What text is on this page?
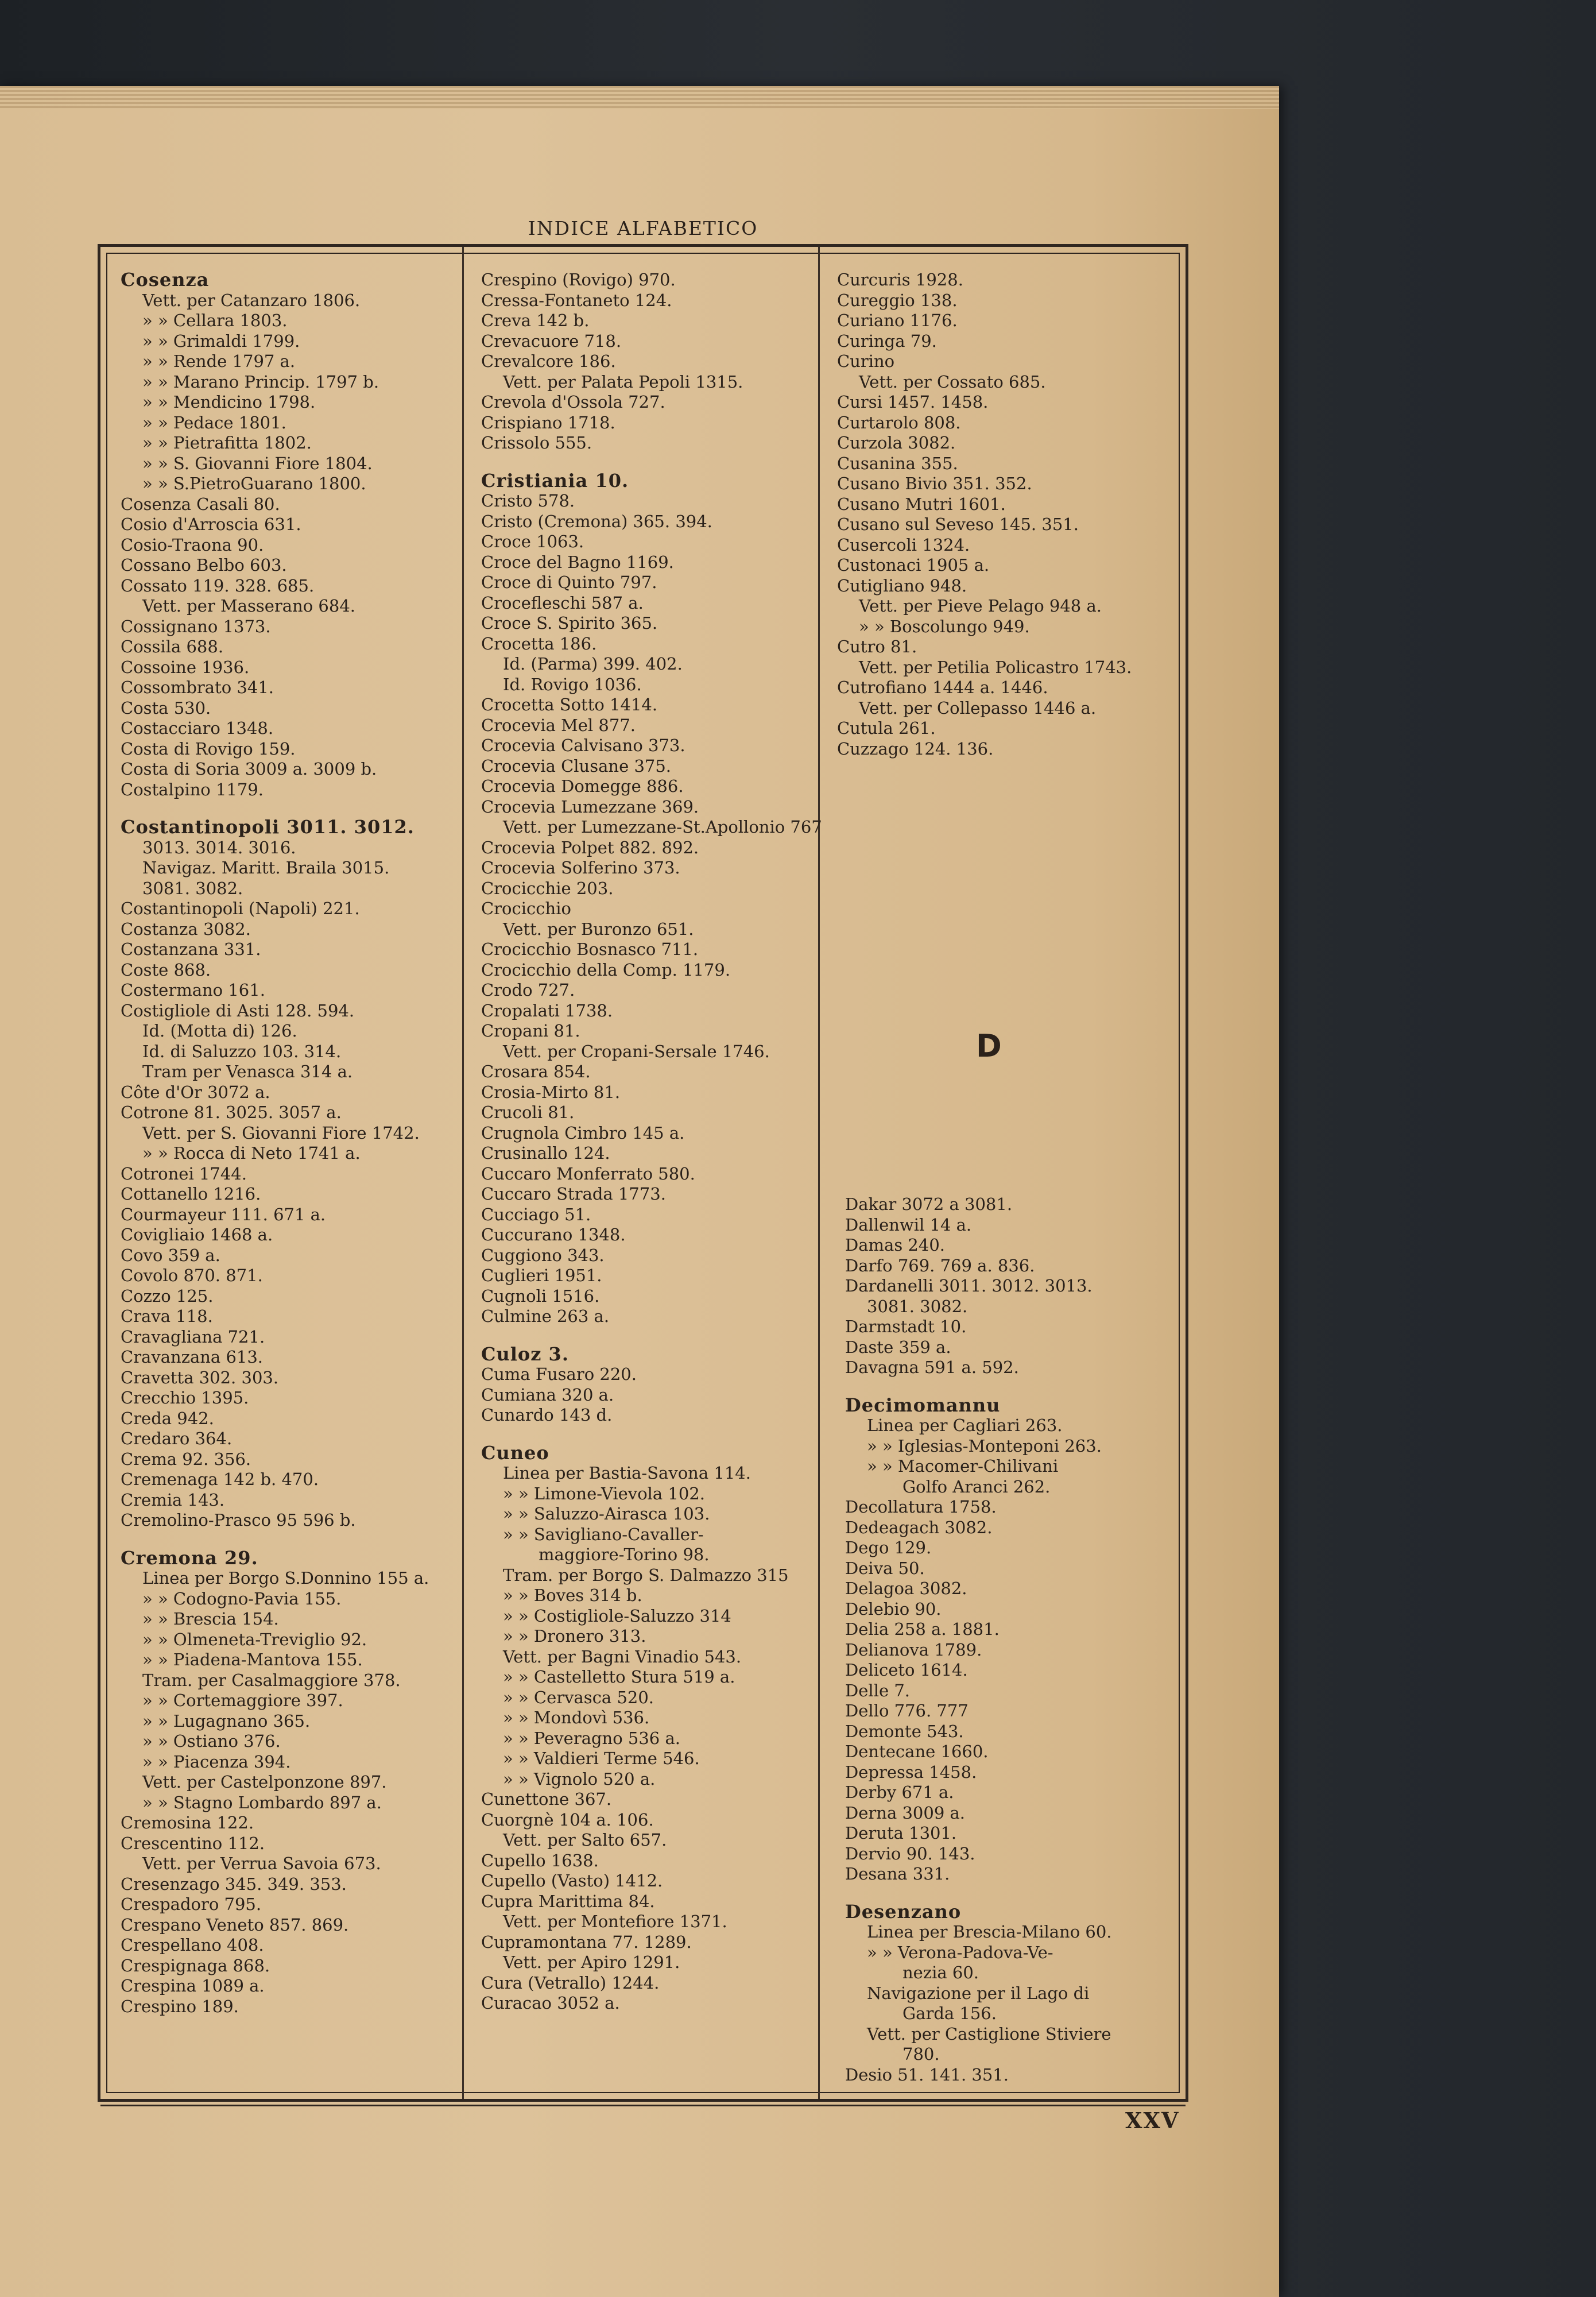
INDICE ALFABETICO
Cosenza
Vett. per Catanzaro 1806.
» » Cellara 1803.
» » Grimaldi 1799.
» » Rende 1797 a.
» » Marano Princip. 1797 b.
» » Mendicino 1798.
» » Pedace 1801.
» » Pietrafitta 1802.
» » S. Giovanni Fiore 1804.
» » S.PietroGuarano 1800.
Cosenza Casali 80.
Cosio d'Arroscia 631.
Cosio-Traona 90.
Cossano Belbo 603.
Cossato 119. 328. 685.
Vett. per Masserano 684.
Cossignano 1373.
Cossila 688.
Cossoine 1936.
Cossombrato 341.
Costa 530.
Costacciaro 1348.
Costa di Rovigo 159.
Costa di Soria 3009 a. 3009 b.
Costalpino 1179.
Costantinopoli 3011. 3012.
3013. 3014. 3016.
Navigaz. Maritt. Braila 3015.
3081. 3082.
Costantinopoli (Napoli) 221.
Costanza 3082.
Costanzana 331.
Coste 868.
Costermano 161.
Costigliole di Asti 128. 594.
Id. (Motta di) 126.
Id. di Saluzzo 103. 314.
Tram per Venasca 314 a.
Côte d'Or 3072 a.
Cotrone 81. 3025. 3057 a.
Vett. per S. Giovanni Fiore 1742.
» » Rocca di Neto 1741 a.
Cotronei 1744.
Cottanello 1216.
Courmayeur 111. 671 a.
Covigliaio 1468 a.
Covo 359 a.
Covolo 870. 871.
Cozzo 125.
Crava 118.
Cravagliana 721.
Cravanzana 613.
Cravetta 302. 303.
Crecchio 1395.
Creda 942.
Credaro 364.
Crema 92. 356.
Cremenaga 142 b. 470.
Cremia 143.
Cremolino-Prasco 95 596 b.
Cremona 29.
Linea per Borgo S.Donnino 155 a.
» » Codogno-Pavia 155.
» » Brescia 154.
» » Olmeneta-Treviglio 92.
» » Piadena-Mantova 155.
Tram. per Casalmaggiore 378.
» » Cortemaggiore 397.
» » Lugagnano 365.
» » Ostiano 376.
» » Piacenza 394.
Vett. per Castelponzone 897.
» » Stagno Lombardo 897 a.
Cremosina 122.
Crescentino 112.
Vett. per Verrua Savoia 673.
Cresenzago 345. 349. 353.
Crespadoro 795.
Crespano Veneto 857. 869.
Crespellano 408.
Crespignaga 868.
Crespina 1089 a.
Crespino 189.
Crespino (Rovigo) 970.
Cressa-Fontaneto 124.
Creva 142 b.
Crevacuore 718.
Crevalcore 186.
Vett. per Palata Pepoli 1315.
Crevola d'Ossola 727.
Crispiano 1718.
Crissolo 555.
Cristiania 10.
Cristo 578.
Cristo (Cremona) 365. 394.
Croce 1063.
Croce del Bagno 1169.
Croce di Quinto 797.
Croceflеschi 587 a.
Croce S. Spirito 365.
Crocetta 186.
Id. (Parma) 399. 402.
Id. Rovigo 1036.
Crocetta Sotto 1414.
Crocevia Mel 877.
Crocevia Calvisano 373.
Crocevia Clusane 375.
Crocevia Domegge 886.
Crocevia Lumezzane 369.
Vett. per Lumezzane-St.Apollonio 767
Crocevia Polpet 882. 892.
Crocevia Solferino 373.
Crocicchie 203.
Crocicchio
Vett. per Buronzo 651.
Crocicchio Bosnasco 711.
Crocicchio della Comp. 1179.
Crodo 727.
Cropalati 1738.
Cropani 81.
Vett. per Cropani-Sersale 1746.
Crosara 854.
Crosia-Mirto 81.
Crucoli 81.
Crugnola Cimbro 145 a.
Crusinallo 124.
Cuccaro Monferrato 580.
Cuccaro Strada 1773.
Cucciago 51.
Cuccurano 1348.
Cuggiono 343.
Cuglieri 1951.
Cugnoli 1516.
Culmine 263 a.
Culoz 3.
Cuma Fusaro 220.
Cumiana 320 a.
Cunardo 143 d.
Cuneo
Linea per Bastia-Savona 114.
» » Limone-Vievola 102.
» » Saluzzo-Airasca 103.
» » Savigliano-Cavaller-
maggiore-Torino 98.
Tram. per Borgo S. Dalmazzo 315
» » Boves 314 b.
» » Costigliole-Saluzzo 314
» » Dronero 313.
Vett. per Bagni Vinadio 543.
» » Castelletto Stura 519 a.
» » Cervasca 520.
» » Mondovì 536.
» » Peveragno 536 a.
» » Valdieri Terme 546.
» » Vignolo 520 a.
Cunettone 367.
Cuorgnè 104 a. 106.
Vett. per Salto 657.
Cupello 1638.
Cupello (Vasto) 1412.
Cupra Marittima 84.
Vett. per Montefiore 1371.
Cupramontana 77. 1289.
Vett. per Apiro 1291.
Cura (Vetrallo) 1244.
Curacao 3052 a.
Curcuris 1928.
Cureggio 138.
Curiano 1176.
Curinga 79.
Curino
Vett. per Cossato 685.
Cursi 1457. 1458.
Curtarolo 808.
Curzola 3082.
Cusanina 355.
Cusano Bivio 351. 352.
Cusano Mutri 1601.
Cusano sul Seveso 145. 351.
Cusercoli 1324.
Custonaci 1905 a.
Cutigliano 948.
Vett. per Pieve Pelago 948 a.
» » Boscolungo 949.
Cutro 81.
Vett. per Petilia Policastro 1743.
Cutrofiano 1444 a. 1446.
Vett. per Collepasso 1446 a.
Cutula 261.
Cuzzago 124. 136.
D
Dakar 3072 a 3081.
Dallenwil 14 a.
Damas 240.
Darfo 769. 769 a. 836.
Dardanelli 3011. 3012. 3013.
3081. 3082.
Darmstadt 10.
Daste 359 a.
Davagna 591 a. 592.
Decimomannu
Linea per Cagliari 263.
» » Iglesias-Monteponi 263.
» » Macomer-Chilivani
Golfo Aranci 262.
Decollatura 1758.
Dedeagach 3082.
Dego 129.
Deiva 50.
Delagoa 3082.
Delebio 90.
Delia 258 a. 1881.
Delianova 1789.
Deliceto 1614.
Delle 7.
Dello 776. 777
Demonte 543.
Dentecane 1660.
Depressa 1458.
Derby 671 a.
Derna 3009 a.
Deruta 1301.
Dervio 90. 143.
Desana 331.
Desenzano
Linea per Brescia-Milano 60.
» » Verona-Padova-Ve-
nezia 60.
Navigazione per il Lago di
Garda 156.
Vett. per Castiglione Stiviere
780.
Desio 51. 141. 351.
XXV
